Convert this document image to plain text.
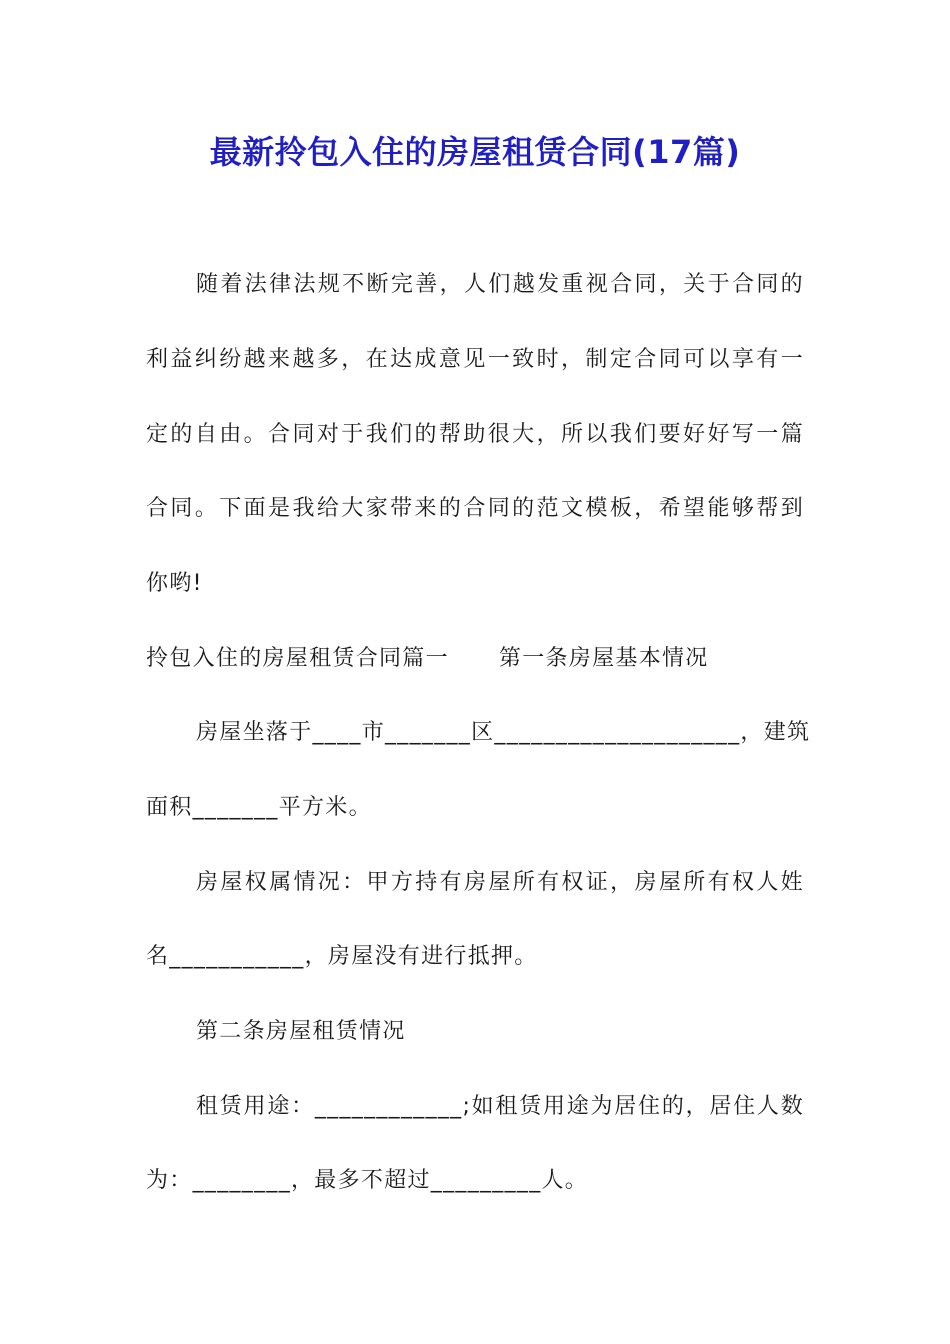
最新拎包入住的房屋租赁合同(17篇)
随着法律法规不断完善，人们越发重视合同，关于合同的
利益纠纷越来越多，在达成意见一致时，制定合同可以享有一
定的自由。合同对于我们的帮助很大，所以我们要好好写一篇
合同。下面是我给大家带来的合同的范文模板，希望能够帮到
你哟!
拎包入住的房屋租赁合同篇一 第一条房屋基本情况
房屋坐落于____市_______区____________________，建筑
面积_______平方米。
房屋权属情况：甲方持有房屋所有权证，房屋所有权人姓
名___________，房屋没有进行抵押。
第二条房屋租赁情况
租赁用途：____________;如租赁用途为居住的，居住人数
为：________，最多不超过_________人。
